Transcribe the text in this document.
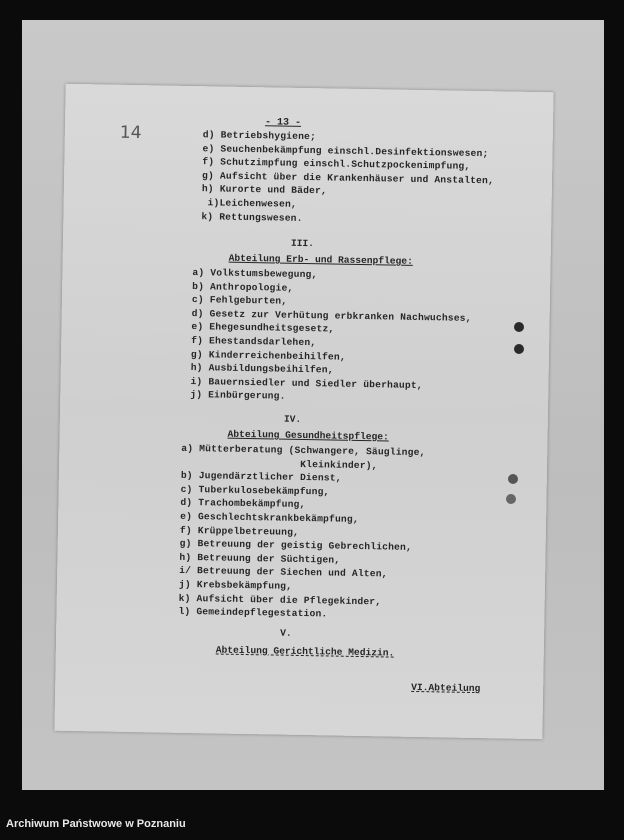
14	- 13 -
d) Betriebshygiene;
e) Seuchenbekämpfung einschl.Desinfektionswesen;
f) Schutzimpfung einschl.Schutzpockenimpfung,
g) Aufsicht über die Krankenhäuser und Anstalten,
h) Kurorte und Bäder,
i)Leichenwesen,
k) Rettungswesen.
III.
Abteilung Erb- und Rassenpflege:
a) Volkstumsbewegung,
b) Anthropologie,
c) Fehlgeburten,
d) Gesetz zur Verhütung erbkranken Nachwuchses,
e) Ehegesundheitsgesetz,
f) Ehestandsdarlehen,
g) Kinderreichenbeihilfen,
h) Ausbildungsbeihilfen,
i) Bauernsiedler und Siedler überhaupt,
j) Einbürgerung.
IV.
Abteilung Gesundheitspflege:
a) Mütterberatung (Schwangere, Säuglinge,
Kleinkinder),
b) Jugendärztlicher Dienst,
c) Tuberkulosebekämpfung,
d) Trachombekämpfung,
e) Geschlechtskrankbekämpfung,
f) Krüppelbetreuung,
g) Betreuung der geistig Gebrechlichen,
h) Betreuung der Süchtigen,
i/ Betreuung der Siechen und Alten,
j) Krebsbekämpfung,
k) Aufsicht über die Pflegekinder,
l) Gemeindepflegestation.
V.
Abteilung Gerichtliche Medizin.
VI.Abteilung
Archiwum Państwowe w Poznaniu
